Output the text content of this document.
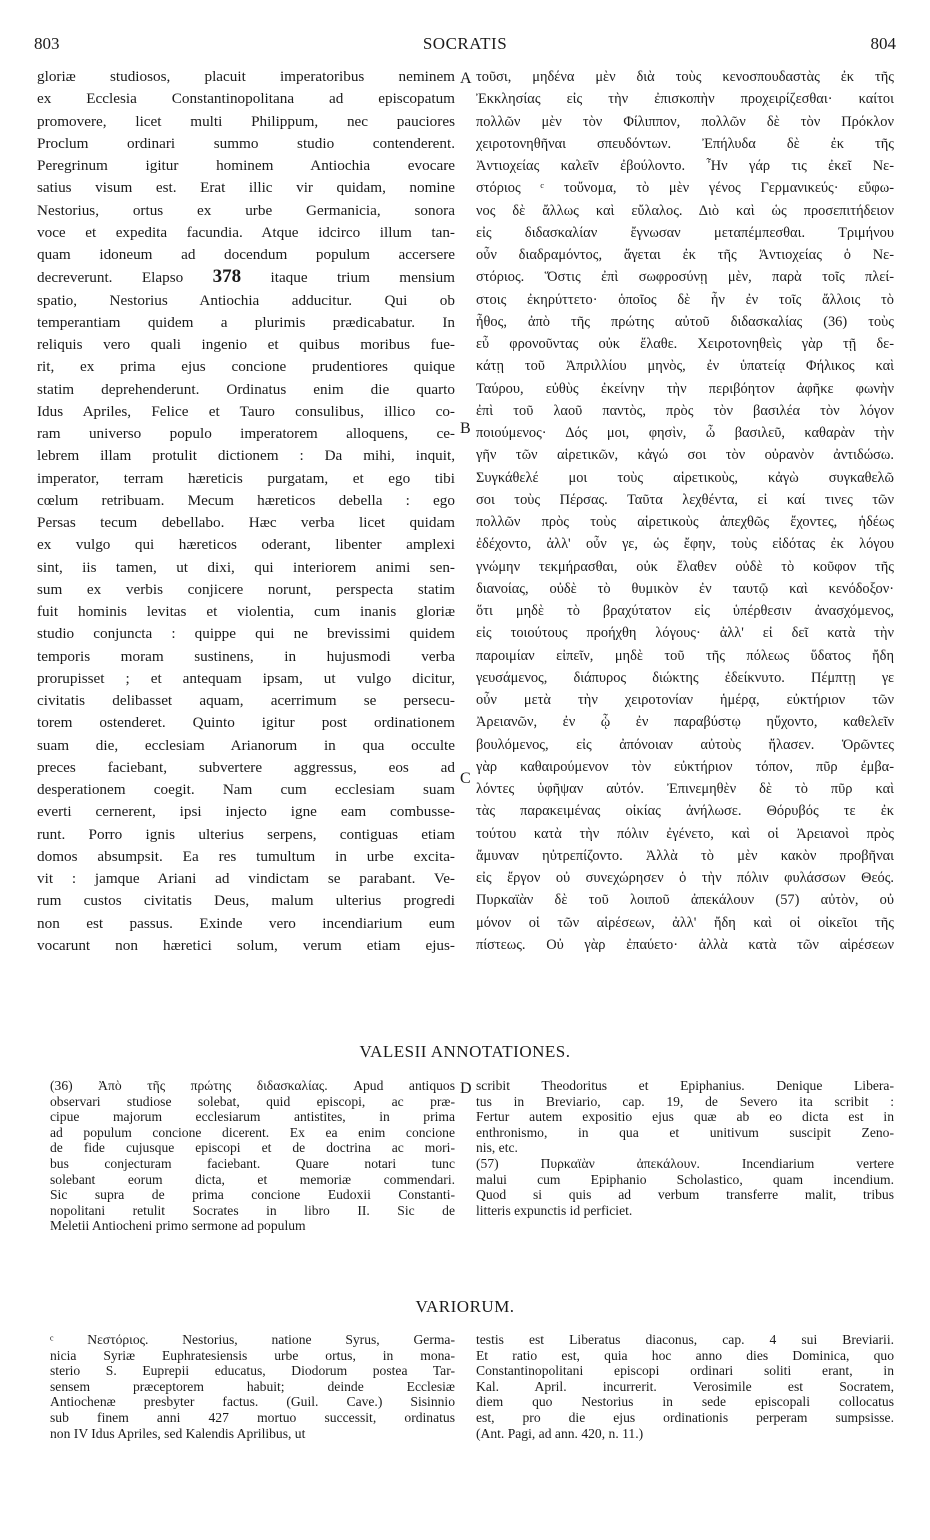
803	SOCRATIS	804
gloriæ studiosos, placuit imperatoribus neminem
ex Ecclesia Constantinopolitana ad episcopatum
promovere, licet multi Philippum, nec pauciores
Proclum ordinari summo studio contenderent.
Peregrinum igitur hominem Antiochia evocare
satius visum est. Erat illic vir quidam, nomine
Nestorius, ortus ex urbe Germanicia, sonora
voce et expedita facundia. Atque idcirco illum tan-
quam idoneum ad docendum populum accersere
decreverunt. Elapso 378 itaque trium mensium
spatio, Nestorius Antiochia adducitur. Qui ob
temperantiam quidem a plurimis prædicabatur. In
reliquis vero quali ingenio et quibus moribus fue-
rit, ex prima ejus concione prudentiores quique
statim deprehenderunt. Ordinatus enim die quarto
Idus Apriles, Felice et Tauro consulibus, illico co-
ram universo populo imperatorem alloquens, ce-
lebrem illam protulit dictionem : Da mihi, inquit,
imperator, terram hæreticis purgatam, et ego tibi
cœlum retribuam. Mecum hæreticos debella : ego
Persas tecum debellabo. Hæc verba licet quidam
ex vulgo qui hæreticos oderant, libenter amplexi
sint, iis tamen, ut dixi, qui interiorem animi sen-
sum ex verbis conjicere norunt, perspecta statim
fuit hominis levitas et violentia, cum inanis gloriæ
studio conjuncta : quippe qui ne brevissimi quidem
temporis moram sustinens, in hujusmodi verba
prorupisset ; et antequam ipsam, ut vulgo dicitur,
civitatis delibasset aquam, acerrimum se persecu-
torem ostenderet. Quinto igitur post ordinationem
suam die, ecclesiam Arianorum in qua occulte
preces faciebant, subvertere aggressus, eos ad
desperationem coegit. Nam cum ecclesiam suam
everti cernerent, ipsi injecto igne eam combusse-
runt. Porro ignis ulterius serpens, contiguas etiam
domos absumpsit. Ea res tumultum in urbe excita-
vit : jamque Ariani ad vindictam se parabant. Ve-
rum custos civitatis Deus, malum ulterius progredi
non est passus. Exinde vero incendiarium eum
vocarunt non hæretici solum, verum etiam ejus-
τοῦσι, μηδένα μὲν διὰ τοὺς κενοσπουδαστὰς ἐκ τῆς
Ἐκκλησίας εἰς τὴν ἐπισκοπὴν προχειρίζεσθαι· καίτοι
πολλῶν μὲν τὸν Φίλιππον, πολλῶν δὲ τὸν Πρόκλον
χειροτονηθῆναι σπευδόντων. Ἐπήλυδα δὲ ἐκ τῆς
Ἀντιοχείας καλεῖν ἐβούλοντο. Ἦν γάρ τις ἐκεῖ Νε-
στόριος ᶜ τοὔνομα, τὸ μὲν γένος Γερμανικεύς· εὔφω-
νος δὲ ἄλλως καὶ εὔλαλος. Διὸ καὶ ὡς προσεπιτήδειον
εἰς διδασκαλίαν ἔγνωσαν μεταπέμπεσθαι. Τριμήνου
οὖν διαδραμόντος, ἄγεται ἐκ τῆς Ἀντιοχείας ὁ Νε-
στόριος. Ὅστις ἐπὶ σωφροσύνῃ μὲν, παρὰ τοῖς πλεί-
στοις ἐκηρύττετο· ὁποῖος δὲ ἦν ἐν τοῖς ἄλλοις τὸ
ἦθος, ἀπὸ τῆς πρώτης αὐτοῦ διδασκαλίας (36) τοὺς
εὖ φρονοῦντας οὐκ ἔλαθε. Χειροτονηθεὶς γὰρ τῇ δε-
κάτῃ τοῦ Ἀπριλλίου μηνὸς, ἐν ὑπατείᾳ Φήλικος καὶ
Ταύρου, εὐθὺς ἐκείνην τὴν περιβόητον ἀφῆκε φωνὴν
ἐπὶ τοῦ λαοῦ παντὸς, πρὸς τὸν βασιλέα τὸν λόγον
ποιούμενος· Δός μοι, φησὶν, ὦ βασιλεῦ, καθαρὰν τὴν
γῆν τῶν αἱρετικῶν, κἀγώ σοι τὸν οὐρανὸν ἀντιδώσω.
Συγκάθελέ μοι τοὺς αἱρετικοὺς, κἀγὼ συγκαθελῶ
σοι τοὺς Πέρσας. Ταῦτα λεχθέντα, εἰ καί τινες τῶν
πολλῶν πρὸς τοὺς αἱρετικοὺς ἀπεχθῶς ἔχοντες, ἡδέως
ἐδέχοντο, ἀλλ' οὖν γε, ὡς ἔφην, τοὺς εἰδότας ἐκ λόγου
γνώμην τεκμήρασθαι, οὐκ ἔλαθεν οὐδὲ τὸ κοῦφον τῆς
διανοίας, οὐδὲ τὸ θυμικὸν ἐν ταυτῷ καὶ κενόδοξον·
ὅτι μηδὲ τὸ βραχύτατον εἰς ὑπέρθεσιν ἀνασχόμενος,
εἰς τοιούτους προήχθη λόγους· ἀλλ' εἰ δεῖ κατὰ τὴν
παροιμίαν εἰπεῖν, μηδὲ τοῦ τῆς πόλεως ὕδατος ἤδη
γευσάμενος, διάπυρος διώκτης ἐδείκνυτο. Πέμπτῃ γε
οὖν μετὰ τὴν χειροτονίαν ἡμέρᾳ, εὐκτήριον τῶν
Ἀρειανῶν, ἐν ᾧ ἐν παραβύστῳ ηὔχοντο, καθελεῖν
βουλόμενος, εἰς ἀπόνοιαν αὐτοὺς ἤλασεν. Ὁρῶντες
γὰρ καθαιρούμενον τὸν εὐκτήριον τόπον, πῦρ ἐμβα-
λόντες ὑφῆψαν αὐτόν. Ἐπινεμηθὲν δὲ τὸ πῦρ καὶ
τὰς παρακειμένας οἰκίας ἀνήλωσε. Θόρυβός τε ἐκ
τούτου κατὰ τὴν πόλιν ἐγένετο, καὶ οἱ Ἀρειανοὶ πρὸς
ἄμυναν ηὐτρεπίζοντο. Ἀλλὰ τὸ μὲν κακὸν προβῆναι
εἰς ἔργον οὐ συνεχώρησεν ὁ τὴν πόλιν φυλάσσων Θεός.
Πυρκαϊὰν δὲ τοῦ λοιποῦ ἀπεκάλουν (57) αὐτὸν, οὐ
μόνον οἱ τῶν αἱρέσεων, ἀλλ' ἤδη καὶ οἱ οἰκεῖοι τῆς
πίστεως. Οὐ γὰρ ἐπαύετο· ἀλλὰ κατὰ τῶν αἱρέσεων
A
B
C
D
VALESII ANNOTATIONES.
(36) Ἀπὸ τῆς πρώτης διδασκαλίας. Apud antiquos
observari studiose solebat, quid episcopi, ac præ-
cipue majorum ecclesiarum antistites, in prima
ad populum concione dicerent. Ex ea enim concione
de fide cujusque episcopi et de doctrina ac mori-
bus conjecturam faciebant. Quare notari tunc
solebant eorum dicta, et memoriæ commendari.
Sic supra de prima concione Eudoxii Constanti-
nopolitani retulit Socrates in libro II. Sic de
Meletii Antiocheni primo sermone ad populum
scribit Theodoritus et Epiphanius. Denique Libera-
tus in Breviario, cap. 19, de Severo ita scribit :
Fertur autem expositio ejus quæ ab eo dicta est in
enthronismo, in qua et unitivum suscipit Zeno-
nis, etc.
(57) Πυρκαϊὰν ἀπεκάλουν. Incendiarium vertere
malui cum Epiphanio Scholastico, quam incendium.
Quod si quis ad verbum transferre malit, tribus
litteris expunctis id perficiet.
VARIORUM.
ᶜ Νεστόριος. Nestorius, natione Syrus, Germa-
nicia Syriæ Euphratesiensis urbe ortus, in mona-
sterio S. Euprepii educatus, Diodorum postea Tar-
sensem præceptorem habuit; deinde Ecclesiæ
Antiochenæ presbyter factus. (Guil. Cave.) Sisinnio
sub finem anni 427 mortuo successit, ordinatus
non IV Idus Apriles, sed Kalendis Aprilibus, ut
testis est Liberatus diaconus, cap. 4 sui Breviarii.
Et ratio est, quia hoc anno dies Dominica, quo
Constantinopolitani episcopi ordinari soliti erant, in
Kal. April. incurrerit. Verosimile est Socratem,
diem quo Nestorius in sede episcopali collocatus
est, pro die ejus ordinationis perperam sumpsisse.
(Ant. Pagi, ad ann. 420, n. 11.)
